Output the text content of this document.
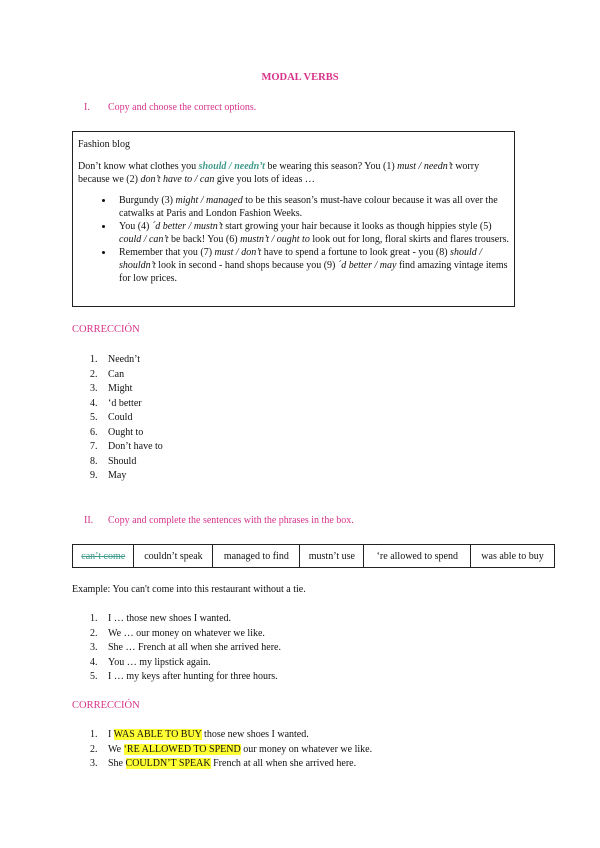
MODAL VERBS
I. Copy and choose the correct options.

Fashion blog

Don’t know what clothes you should / needn’t be wearing this season? You (1) must / needn’t worry because we (2) don’t have to / can give you lots of ideas …

• Burgundy (3) might / managed to be this season’s must-have colour because it was all over the catwalks at Paris and London Fashion Weeks.
• You (4) ´d better / mustn’t start growing your hair because it looks as though hippies style (5) could / can’t be back! You (6) mustn’t / ought to look out for long, floral skirts and flares trousers.
• Remember that you (7) must / don’t have to spend a fortune to look great - you (8) should / shouldn’t look in second - hand shops because you (9) ´d better / may find amazing vintage items for low prices.
CORRECCIÓN
1. Needn’t
2. Can
3. Might
4. ‘d better
5. Could
6. Ought to
7. Don’t have to
8. Should
9. May
II. Copy and complete the sentences with the phrases in the box.
can’t come	couldn’t speak	managed to find	mustn’t use	‘re allowed to spend	was able to buy
Example: You can't come into this restaurant without a tie.
1. I … those new shoes I wanted.
2. We … our money on whatever we like.
3. She … French at all when she arrived here.
4. You … my lipstick again.
5. I … my keys after hunting for three hours.
CORRECCIÓN
1. I WAS ABLE TO BUY those new shoes I wanted.
2. We ‘RE ALLOWED TO SPEND our money on whatever we like.
3. She COULDN’T SPEAK French at all when she arrived here.
